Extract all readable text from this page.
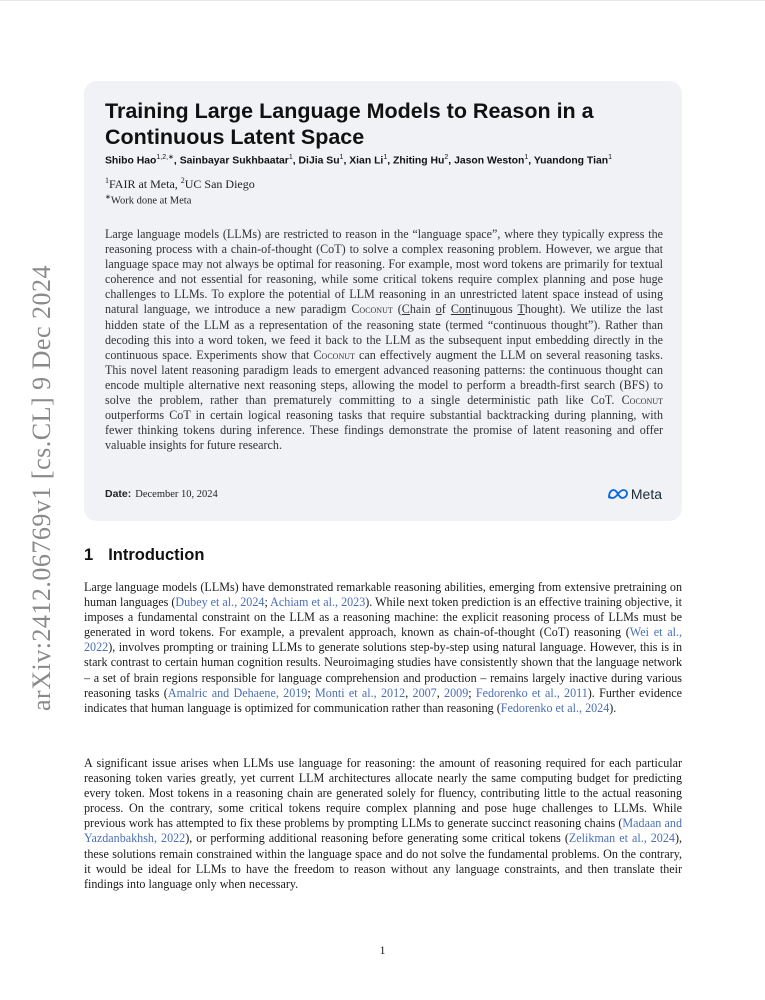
arXiv:2412.06769v1 [cs.CL] 9 Dec 2024
Training Large Language Models to Reason in a Continuous Latent Space
Shibo Hao$^{1,2,∗}$, Sainbayar Sukhbaatar$^1$, DiJia Su$^1$, Xian Li$^1$, Zhiting Hu$^2$, Jason Weston$^1$, Yuandong Tian$^1$
$^1$FAIR at Meta, $^2$UC San Diego
∗Work done at Meta

Large language models (LLMs) are restricted to reason in the “language space”, where they typically express the reasoning process with a chain-of-thought (CoT) to solve a complex reasoning problem. However, we argue that language space may not always be optimal for reasoning. For example, most word tokens are primarily for textual coherence and not essential for reasoning, while some critical tokens require complex planning and pose huge challenges to LLMs. To explore the potential of LLM reasoning in an unrestricted latent space instead of using natural language, we introduce a new paradigm Coconut (Chain of Continuuous Thought). We utilize the last hidden state of the LLM as a representation of the reasoning state (termed “continuous thought”). Rather than decoding this into a word token, we feed it back to the LLM as the subsequent input embedding directly in the continuous space. Experiments show that Coconut can effectively augment the LLM on several reasoning tasks. This novel latent reasoning paradigm leads to emergent advanced reasoning patterns: the continuous thought can encode multiple alternative next reasoning steps, allowing the model to perform a breadth-first search (BFS) to solve the problem, rather than prematurely committing to a single deterministic path like CoT. Coconut outperforms CoT in certain logical reasoning tasks that require substantial backtracking during planning, with fewer thinking tokens during inference. These findings demonstrate the promise of latent reasoning and offer valuable insights for future research.

Date: December 10, 2024	Meta
1 Introduction

Large language models (LLMs) have demonstrated remarkable reasoning abilities, emerging from extensive pretraining on human languages (Dubey et al., 2024; Achiam et al., 2023). While next token prediction is an effective training objective, it imposes a fundamental constraint on the LLM as a reasoning machine: the explicit reasoning process of LLMs must be generated in word tokens. For example, a prevalent approach, known as chain-of-thought (CoT) reasoning (Wei et al., 2022), involves prompting or training LLMs to generate solutions step-by-step using natural language. However, this is in stark contrast to certain human cognition results. Neuroimaging studies have consistently shown that the language network – a set of brain regions responsible for language comprehension and production – remains largely inactive during various reasoning tasks (Amalric and Dehaene, 2019; Monti et al., 2012, 2007, 2009; Fedorenko et al., 2011). Further evidence indicates that human language is optimized for communication rather than reasoning (Fedorenko et al., 2024).

A significant issue arises when LLMs use language for reasoning: the amount of reasoning required for each particular reasoning token varies greatly, yet current LLM architectures allocate nearly the same computing budget for predicting every token. Most tokens in a reasoning chain are generated solely for fluency, contributing little to the actual reasoning process. On the contrary, some critical tokens require complex planning and pose huge challenges to LLMs. While previous work has attempted to fix these problems by prompting LLMs to generate succinct reasoning chains (Madaan and Yazdanbakhsh, 2022), or performing additional reasoning before generating some critical tokens (Zelikman et al., 2024), these solutions remain constrained within the language space and do not solve the fundamental problems. On the contrary, it would be ideal for LLMs to have the freedom to reason without any language constraints, and then translate their findings into language only when necessary.

1
